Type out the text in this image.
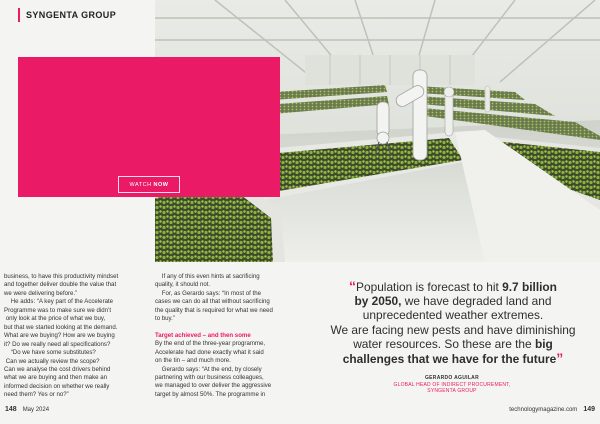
SYNGENTA GROUP
WATCH NOW

business, to have this productivity mindset

and together deliver double the value that

we were delivering before.”

He adds: “A key part of the Accelerate

Programme was to make sure we didn’t

only look at the price of what we buy,

but that we started looking at the demand.

What are we buying? How are we buying

it? Do we really need all specifications?

“Do we have some substitutes?

Can we actually review the scope?

Can we analyse the cost drivers behind

what we are buying and then make an

informed decision on whether we really

need them? Yes or no?”

If any of this even hints at sacrificing

quality, it should not.

For, as Gerardo says: “In most of the

cases we can do all that without sacrificing

the quality that is required for what we need

to buy.”

Target achieved – and then some

By the end of the three-year programme,

Accelerate had done exactly what it said

on the tin – and much more.

Gerardo says: “At the end, by closely

partnering with our business colleagues,

we managed to over deliver the aggressive

target by almost 50%. The programme in

“Population is forecast to hit 9.7 billion
by 2050, we have degraded land and
unprecedented weather extremes.
We are facing new pests and have diminishing
water resources. So these are the big
challenges that we have for the future”
GERARDO AGUILAR
GLOBAL HEAD OF INDIRECT PROCUREMENT,
SYNGENTA GROUP
148 May 2024	technologymagazine.com 149
